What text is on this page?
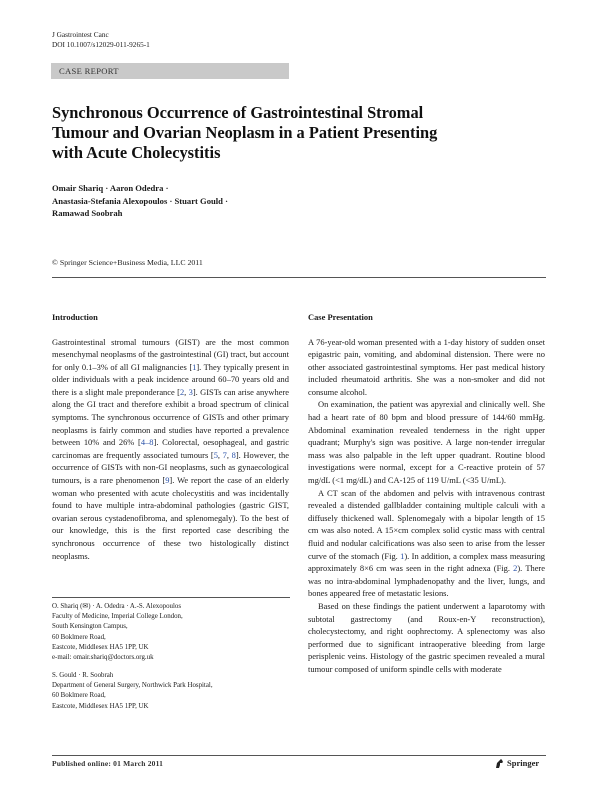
J Gastrointest Canc
DOI 10.1007/s12029-011-9265-1
CASE REPORT
Synchronous Occurrence of Gastrointestinal Stromal Tumour and Ovarian Neoplasm in a Patient Presenting with Acute Cholecystitis
Omair Shariq · Aaron Odedra ·
Anastasia-Stefania Alexopoulos · Stuart Gould ·
Ramawad Soobrah
© Springer Science+Business Media, LLC 2011
Introduction

Gastrointestinal stromal tumours (GIST) are the most common mesenchymal neoplasms of the gastrointestinal (GI) tract, but account for only 0.1–3% of all GI malignancies [1]. They typically present in older individuals with a peak incidence around 60–70 years old and there is a slight male preponderance [2, 3]. GISTs can arise anywhere along the GI tract and therefore exhibit a broad spectrum of clinical symptoms. The synchronous occurrence of GISTs and other primary neoplasms is fairly common and studies have reported a prevalence between 10% and 26% [4–8]. Colorectal, oesophageal, and gastric carcinomas are frequently associated tumours [5, 7, 8]. However, the occurrence of GISTs with non-GI neoplasms, such as gynaecological tumours, is a rare phenomenon [9]. We report the case of an elderly woman who presented with acute cholecystitis and was incidentally found to have multiple intra-abdominal pathologies (gastric GIST, ovarian serous cystadenofibroma, and splenomegaly). To the best of our knowledge, this is the first reported case describing the synchronous occurrence of these two histologically distinct neoplasms.

O. Shariq (✉) · A. Odedra · A.-S. Alexopoulos
Faculty of Medicine, Imperial College London,
South Kensington Campus,
60 Boklmere Road,
Eastcote, Middlesex HA5 1PP, UK
e-mail: omair.shariq@doctors.org.uk
S. Gould · R. Soobrah
Department of General Surgery, Northwick Park Hospital,
60 Boklmere Road,
Eastcote, Middlesex HA5 1PP, UK
Case Presentation

A 76-year-old woman presented with a 1-day history of sudden onset epigastric pain, vomiting, and abdominal distension. There were no other associated gastrointestinal symptoms. Her past medical history included rheumatoid arthritis. She was a non-smoker and did not consume alcohol.

On examination, the patient was apyrexial and clinically well. She had a heart rate of 80 bpm and blood pressure of 144/60 mmHg. Abdominal examination revealed tenderness in the right upper quadrant; Murphy's sign was positive. A large non-tender irregular mass was also palpable in the left upper quadrant. Routine blood investigations were normal, except for a C-reactive protein of 57 mg/dL (<1 mg/dL) and CA-125 of 119 U/mL (<35 U/mL).

A CT scan of the abdomen and pelvis with intravenous contrast revealed a distended gallbladder containing multiple calculi with a diffusely thickened wall. Splenomegaly with a bipolar length of 15 cm was also noted. A 15×cm complex solid cystic mass with central fluid and nodular calcifications was also seen to arise from the lesser curve of the stomach (Fig. 1). In addition, a complex mass measuring approximately 8×6 cm was seen in the right adnexa (Fig. 2). There was no intra-abdominal lymphadenopathy and the liver, lungs, and bones appeared free of metastatic lesions.

Based on these findings the patient underwent a laparotomy with subtotal gastrectomy (and Roux-en-Y reconstruction), cholecystectomy, and right oophrectomy. A splenectomy was also performed due to significant intraoperative bleeding from large perisplenic veins. Histology of the gastric specimen revealed a mural tumour composed of uniform spindle cells with moderate

Published online: 01 March 2011	Springer
